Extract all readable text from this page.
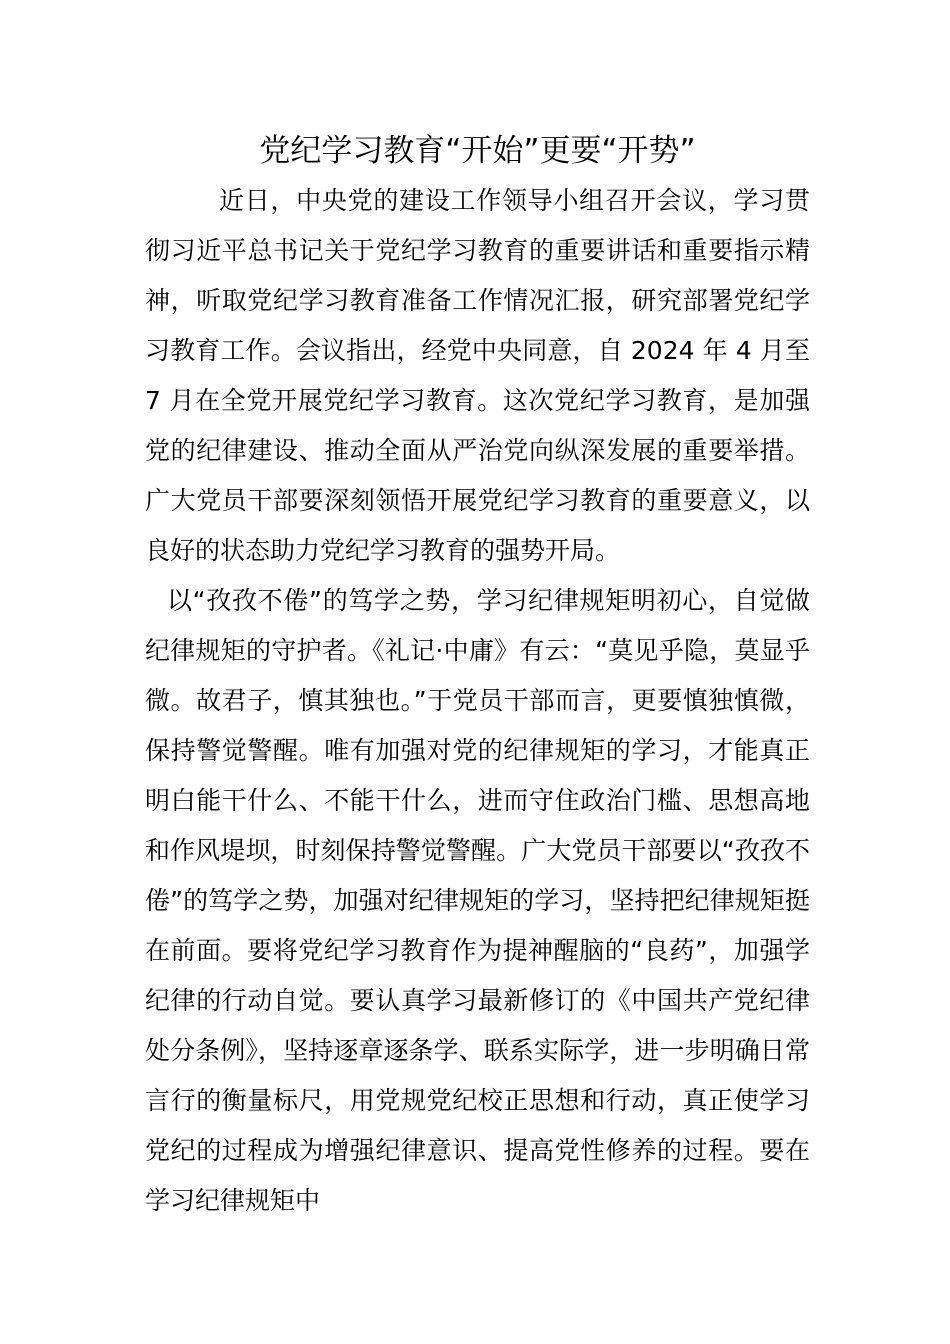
党纪学习教育“开始”更要“开势”

近日，中央党的建设工作领导小组召开会议，学习贯彻习近平总书记关于党纪学习教育的重要讲话和重要指示精神，听取党纪学习教育准备工作情况汇报，研究部署党纪学习教育工作。会议指出，经党中央同意，自 2024 年 4 月至 7 月在全党开展党纪学习教育。这次党纪学习教育，是加强党的纪律建设、推动全面从严治党向纵深发展的重要举措。广大党员干部要深刻领悟开展党纪学习教育的重要意义，以良好的状态助力党纪学习教育的强势开局。

以“孜孜不倦”的笃学之势，学习纪律规矩明初心，自觉做纪律规矩的守护者。《礼记·中庸》有云：“莫见乎隐，莫显乎微。故君子，慎其独也。”于党员干部而言，更要慎独慎微，保持警觉警醒。唯有加强对党的纪律规矩的学习，才能真正明白能干什么、不能干什么，进而守住政治门槛、思想高地和作风堤坝，时刻保持警觉警醒。广大党员干部要以“孜孜不倦”的笃学之势，加强对纪律规矩的学习，坚持把纪律规矩挺在前面。要将党纪学习教育作为提神醒脑的“良药”，加强学纪律的行动自觉。要认真学习最新修订的《中国共产党纪律处分条例》，坚持逐章逐条学、联系实际学，进一步明确日常言行的衡量标尺，用党规党纪校正思想和行动，真正使学习党纪的过程成为增强纪律意识、提高党性修养的过程。要在学习纪律规矩中
